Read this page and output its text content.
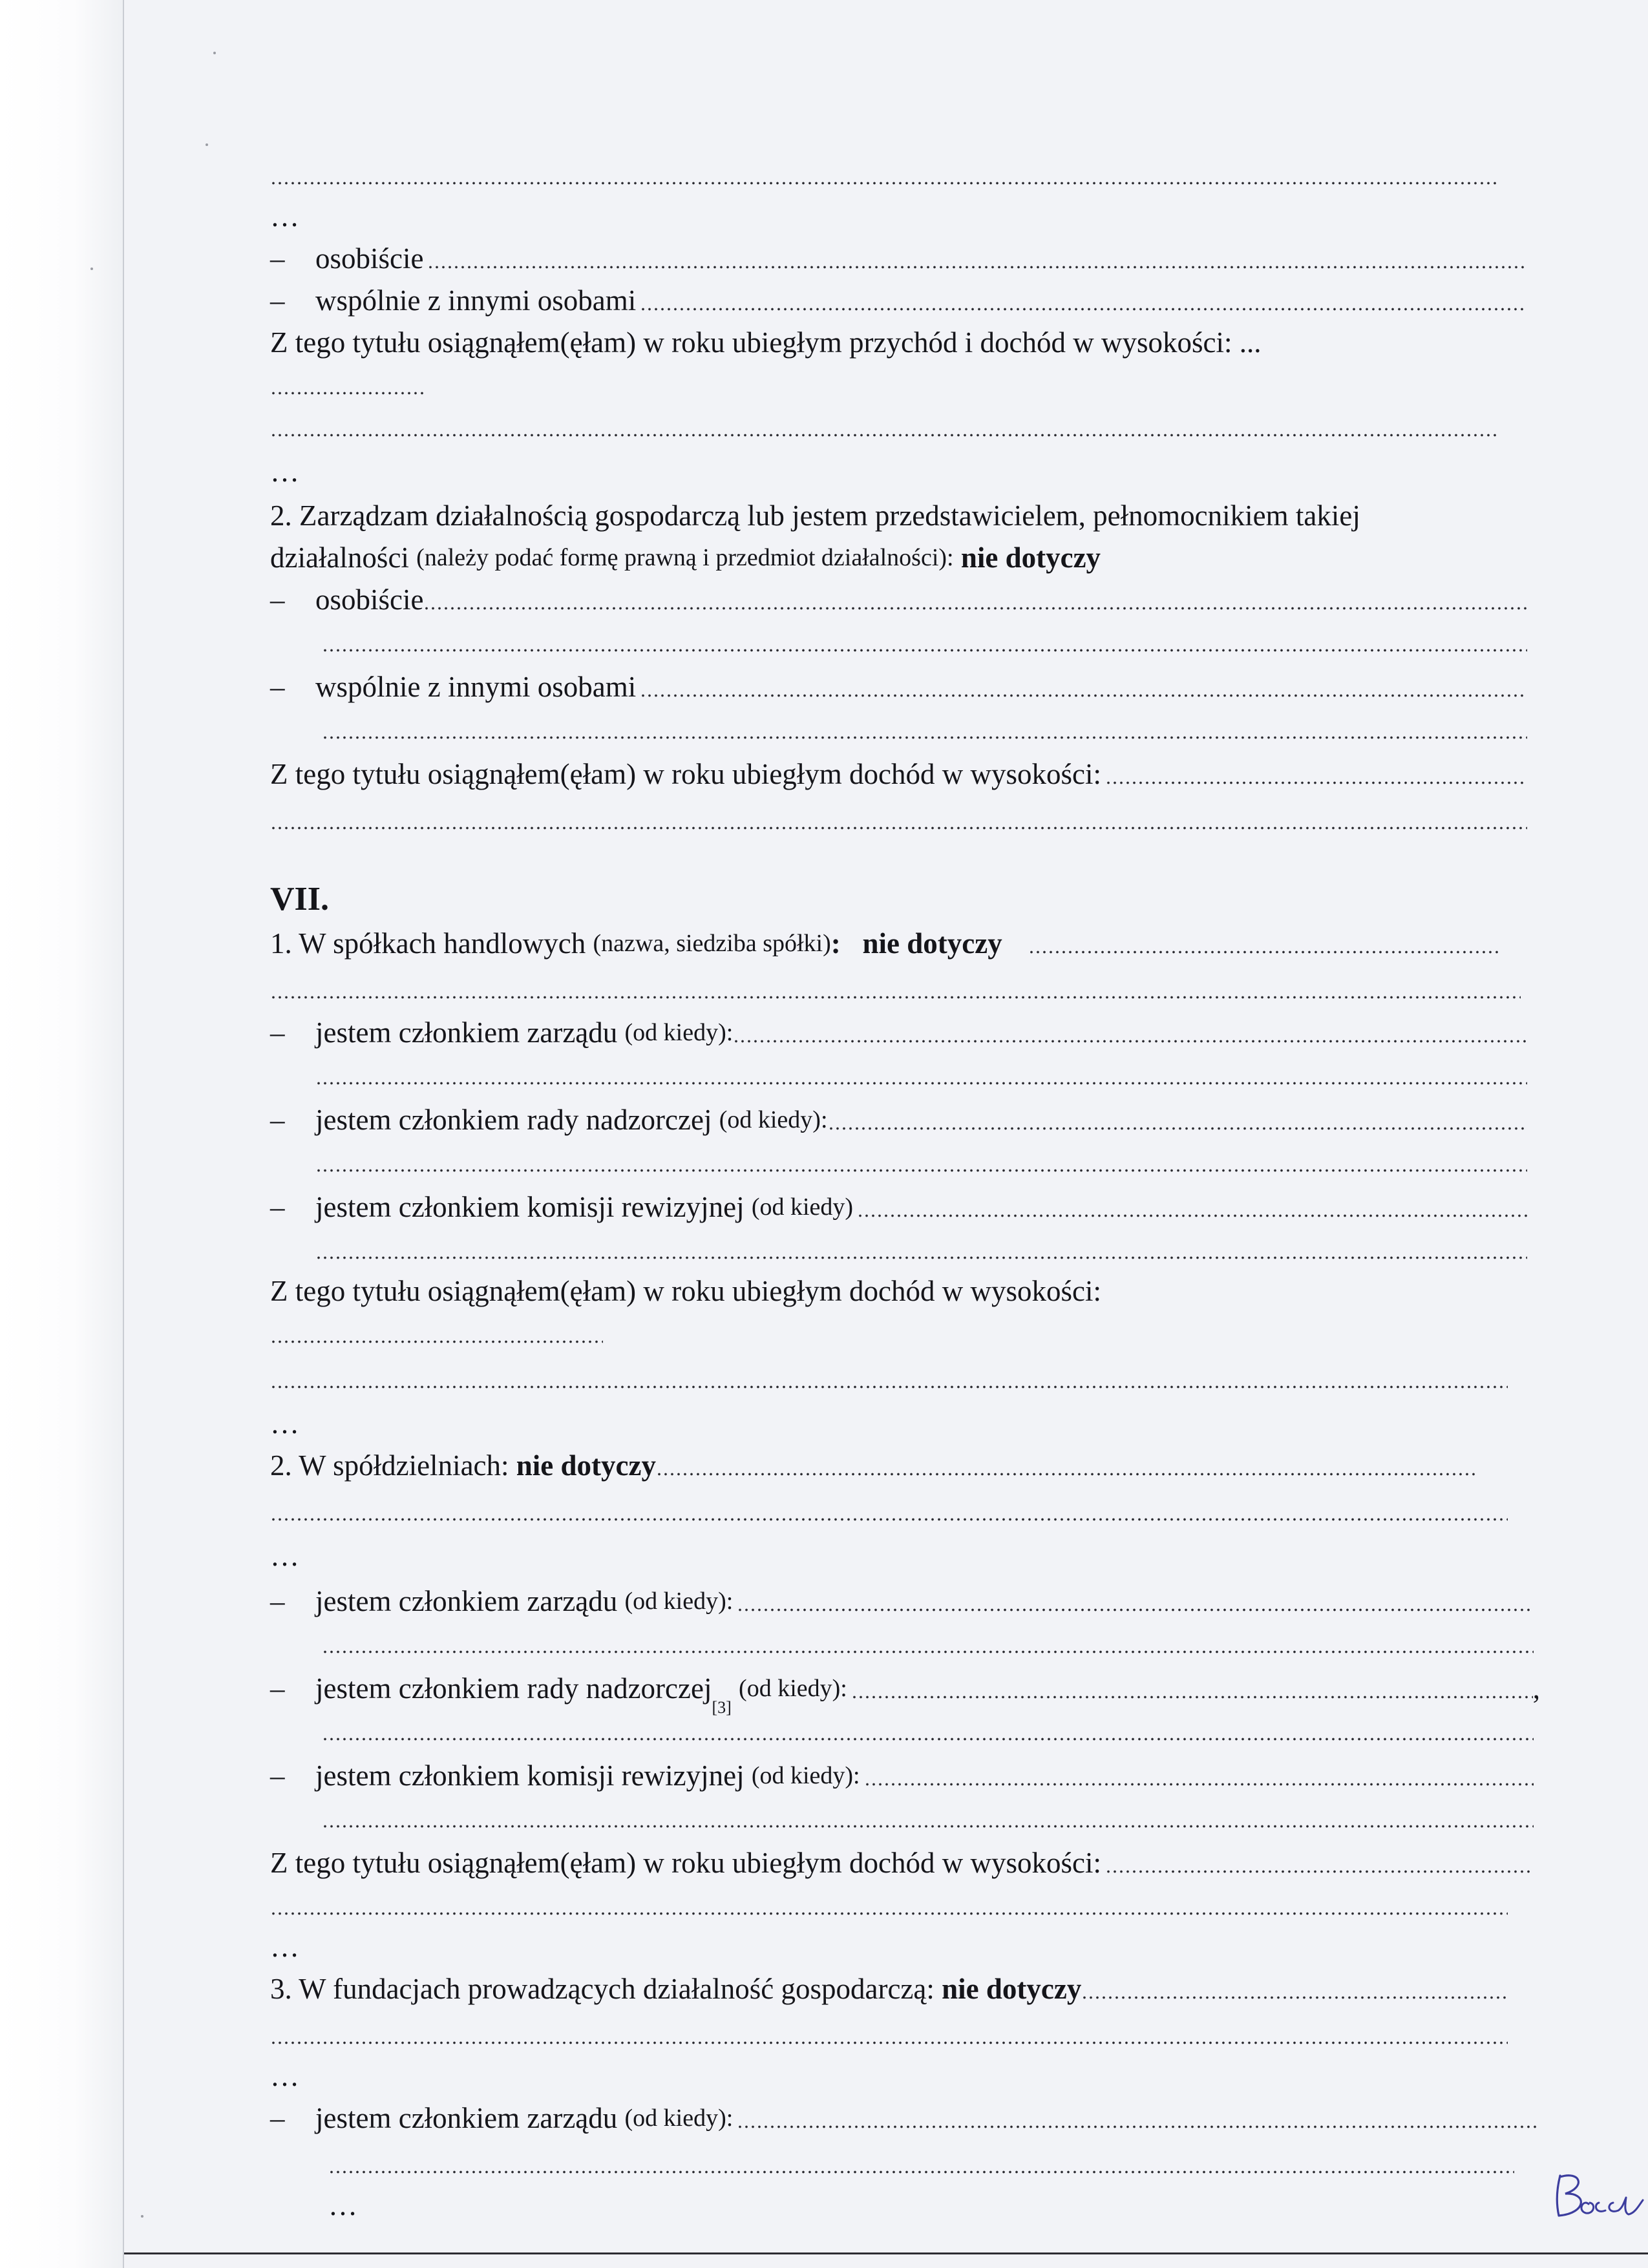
…
–	osobiście
–	wspólnie z innymi osobami
Z tego tytułu osiągnąłem(ęłam) w roku ubiegłym przychód i dochód w wysokości: ...
…
2. Zarządzam działalnością gospodarczą lub jestem przedstawicielem, pełnomocnikiem takiej
działalności
(należy podać formę prawną i przedmiot działalności):
nie dotyczy
–	osobiście
–	wspólnie z innymi osobami
Z tego tytułu osiągnąłem(ęłam) w roku ubiegłym dochód w wysokości:
VII.
1. W spółkach handlowych
(nazwa, siedziba spółki) :
nie dotyczy
–	jestem członkiem zarządu
(od kiedy):
–	jestem członkiem rady nadzorczej
(od kiedy):
–	jestem członkiem komisji rewizyjnej
(od kiedy)
Z tego tytułu osiągnąłem(ęłam) w roku ubiegłym dochód w wysokości:
…
2. W spółdzielniach:
nie dotyczy
…
–	jestem członkiem zarządu
(od kiedy):
–	jestem członkiem rady nadzorczej
[3]

(od kiedy):	,
–	jestem członkiem komisji rewizyjnej
(od kiedy):
Z tego tytułu osiągnąłem(ęłam) w roku ubiegłym dochód w wysokości:
…
3. W fundacjach prowadzących działalność gospodarczą:
nie dotyczy
…
–	jestem członkiem zarządu
(od kiedy):
…
